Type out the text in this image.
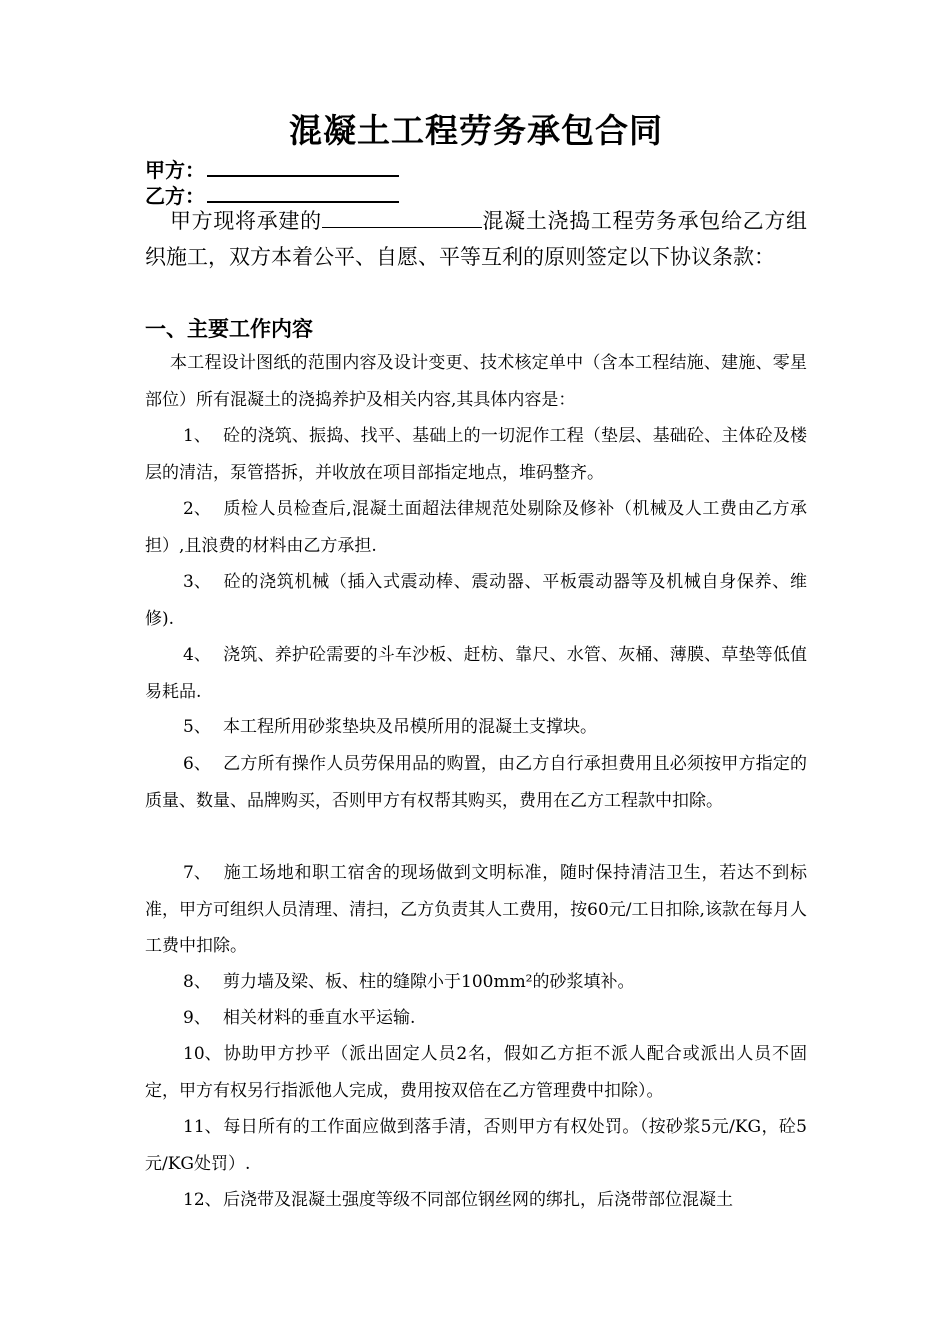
混凝土工程劳务承包合同
甲方：
乙方：

甲方现将承建的	混凝土浇捣工程劳务承包给乙方组织施工，双方本着公平、自愿、平等互利的原则签定以下协议条款：

一、主要工作内容

本工程设计图纸的范围内容及设计变更、技术核定单中（含本工程结施、建施、零星部位）所有混凝土的浇捣养护及相关内容,其具体内容是：

1、 砼的浇筑、振捣、找平、基础上的一切泥作工程（垫层、基础砼、主体砼及楼层的清洁，泵管搭拆，并收放在项目部指定地点，堆码整齐。

2、 质检人员检查后,混凝土面超法律规范处剔除及修补（机械及人工费由乙方承担）,且浪费的材料由乙方承担.

3、 砼的浇筑机械（插入式震动棒、震动器、平板震动器等及机械自身保养、维修).

4、 浇筑、养护砼需要的斗车沙板、赶枋、靠尺、水管、灰桶、薄膜、草垫等低值易耗品.

5、 本工程所用砂浆垫块及吊模所用的混凝土支撑块。

6、 乙方所有操作人员劳保用品的购置，由乙方自行承担费用且必须按甲方指定的质量、数量、品牌购买，否则甲方有权帮其购买，费用在乙方工程款中扣除。

7、 施工场地和职工宿舍的现场做到文明标准，随时保持清洁卫生，若达不到标准，甲方可组织人员清理、清扫，乙方负责其人工费用，按60元/工日扣除,该款在每月人工费中扣除。

8、 剪力墙及梁、板、柱的缝隙小于100mm²的砂浆填补。

9、 相关材料的垂直水平运输.

10、协助甲方抄平（派出固定人员2名，假如乙方拒不派人配合或派出人员不固定，甲方有权另行指派他人完成，费用按双倍在乙方管理费中扣除）。

11、每日所有的工作面应做到落手清，否则甲方有权处罚。（按砂浆5元/KG，砼5元/KG处罚）.

12、后浇带及混凝土强度等级不同部位钢丝网的绑扎，后浇带部位混凝土
